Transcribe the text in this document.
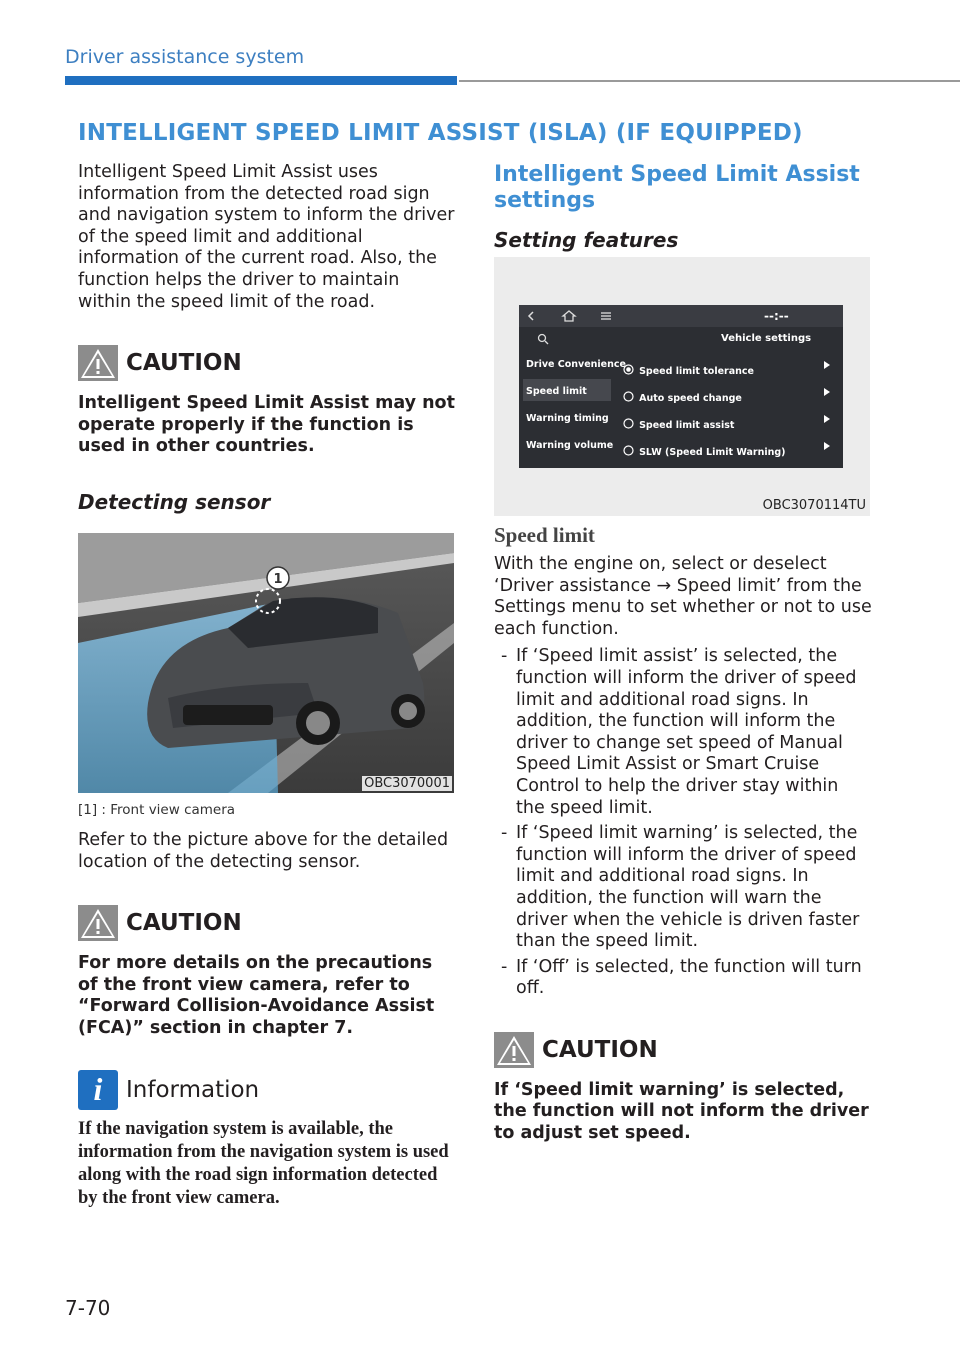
Driver assistance system
INTELLIGENT SPEED LIMIT ASSIST (ISLA) (IF EQUIPPED)

Intelligent Speed Limit Assist uses information from the detected road sign and navigation system to inform the driver of the speed limit and additional information of the current road. Also, the function helps the driver to maintain within the speed limit of the road.

CAUTION

Intelligent Speed Limit Assist may not operate properly if the function is used in other countries.

Detecting sensor
1
OBC3070001
[1] : Front view camera

Refer to the picture above for the detailed location of the detecting sensor.

CAUTION

For more details on the precautions of the front view camera, refer to “Forward Collision-Avoidance Assist (FCA)” section in chapter 7.

i	Information

If the navigation system is available, the information from the navigation system is used along with the road sign information detected by the front view camera.

Intelligent Speed Limit Assist settings
Setting features
--:--
Vehicle settings
Drive Convenience
Speed limit
Warning timing
Warning volume
Speed limit tolerance
Auto speed change
Speed limit assist
SLW (Speed Limit Warning)
OBC3070114TU
Speed limit

With the engine on, select or deselect ‘Driver assistance → Speed limit’ from the Settings menu to set whether or not to use each function.

- If ‘Speed limit assist’ is selected, the function will inform the driver of speed limit and additional road signs. In addition, the function will inform the driver to change set speed of Manual Speed Limit Assist or Smart Cruise Control to help the driver stay within the speed limit.
- If ‘Speed limit warning’ is selected, the function will inform the driver of speed limit and additional road signs. In addition, the function will warn the driver when the vehicle is driven faster than the speed limit.
- If ‘Off’ is selected, the function will turn off.
CAUTION

If ‘Speed limit warning’ is selected, the function will not inform the driver to adjust set speed.

7-70
